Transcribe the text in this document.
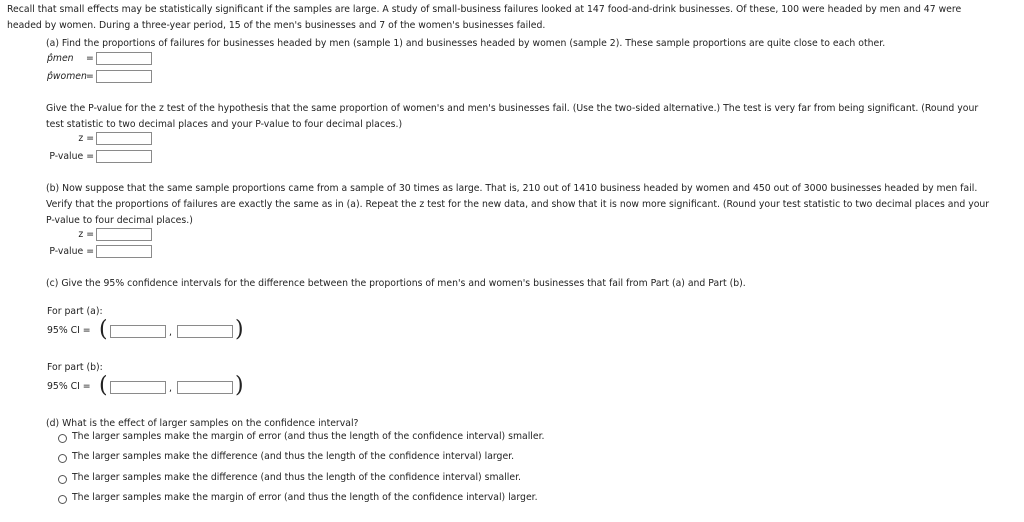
Recall that small effects may be statistically significant if the samples are large. A study of small-business failures looked at 147 food-and-drink businesses. Of these, 100 were headed by men and 47 were
headed by women. During a three-year period, 15 of the men's businesses and 7 of the women's businesses failed.
(a) Find the proportions of failures for businesses headed by men (sample 1) and businesses headed by women (sample 2). These sample proportions are quite close to each other.
p̂men =
p̂women =
Give the P-value for the z test of the hypothesis that the same proportion of women's and men's businesses fail. (Use the two-sided alternative.) The test is very far from being significant. (Round your
test statistic to two decimal places and your P-value to four decimal places.)
z =
P-value =
(b) Now suppose that the same sample proportions came from a sample of 30 times as large. That is, 210 out of 1410 business headed by women and 450 out of 3000 businesses headed by men fail.
Verify that the proportions of failures are exactly the same as in (a). Repeat the z test for the new data, and show that it is now more significant. (Round your test statistic to two decimal places and your
P-value to four decimal places.)
z =
P-value =
(c) Give the 95% confidence intervals for the difference between the proportions of men's and women's businesses that fail from Part (a) and Part (b).
For part (a):
95% CI = (	,	)
For part (b):
95% CI = (	,	)
(d) What is the effect of larger samples on the confidence interval?
The larger samples make the margin of error (and thus the length of the confidence interval) smaller.
The larger samples make the difference (and thus the length of the confidence interval) larger.
The larger samples make the difference (and thus the length of the confidence interval) smaller.
The larger samples make the margin of error (and thus the length of the confidence interval) larger.
